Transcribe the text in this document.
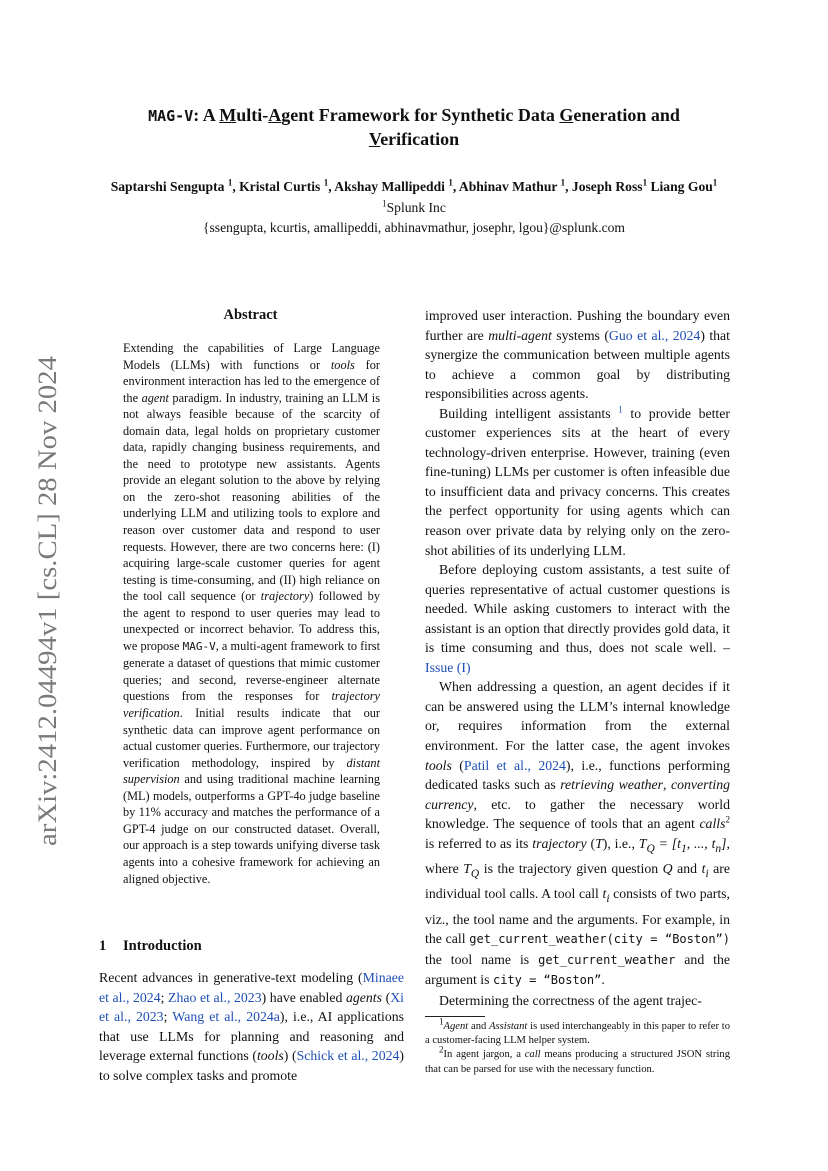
MAG-V: A Multi-Agent Framework for Synthetic Data Generation and
Verification
Saptarshi Sengupta $^1$, Kristal Curtis $^1$, Akshay Mallipeddi $^1$, Abhinav Mathur $^1$, Joseph Ross$^1$ Liang Gou$^1$
$^1$Splunk Inc
{ssengupta, kcurtis, amallipeddi, abhinavmathur, josephr, lgou}@splunk.com
arXiv:2412.04494v1 [cs.CL] 28 Nov 2024
Abstract
Extending the capabilities of Large Language Models (LLMs) with functions or tools for environment interaction has led to the emergence of the agent paradigm. In industry, training an LLM is not always feasible because of the scarcity of domain data, legal holds on proprietary customer data, rapidly changing business requirements, and the need to prototype new assistants. Agents provide an elegant solution to the above by relying on the zero-shot reasoning abilities of the underlying LLM and utilizing tools to explore and reason over customer data and respond to user requests. However, there are two concerns here: (I) acquiring large-scale customer queries for agent testing is time-consuming, and (II) high reliance on the tool call sequence (or trajectory) followed by the agent to respond to user queries may lead to unexpected or incorrect behavior. To address this, we propose MAG-V, a multi-agent framework to first generate a dataset of questions that mimic customer queries; and second, reverse-engineer alternate questions from the responses for trajectory verification. Initial results indicate that our synthetic data can improve agent performance on actual customer queries. Furthermore, our trajectory verification methodology, inspired by distant supervision and using traditional machine learning (ML) models, outperforms a GPT-4o judge baseline by 11% accuracy and matches the performance of a GPT-4 judge on our constructed dataset. Overall, our approach is a step towards unifying diverse task agents into a cohesive framework for achieving an aligned objective.
1 Introduction
Recent advances in generative-text modeling (Minaee et al., 2024; Zhao et al., 2023) have enabled agents (Xi et al., 2023; Wang et al., 2024a), i.e., AI applications that use LLMs for planning and reasoning and leverage external functions (tools) (Schick et al., 2024) to solve complex tasks and promote

improved user interaction. Pushing the boundary even further are multi-agent systems (Guo et al., 2024) that synergize the communication between multiple agents to achieve a common goal by distributing responsibilities across agents.

Building intelligent assistants $^1$ to provide better customer experiences sits at the heart of every technology-driven enterprise. However, training (even fine-tuning) LLMs per customer is often infeasible due to insufficient data and privacy concerns. This creates the perfect opportunity for using agents which can reason over private data by relying only on the zero-shot abilities of its underlying LLM.

Before deploying custom assistants, a test suite of queries representative of actual customer questions is needed. While asking customers to interact with the assistant is an option that directly provides gold data, it is time consuming and thus, does not scale well. – Issue (I)

When addressing a question, an agent decides if it can be answered using the LLM’s internal knowledge or, requires information from the external environment. For the latter case, the agent invokes tools (Patil et al., 2024), i.e., functions performing dedicated tasks such as retrieving weather, converting currency, etc. to gather the necessary world knowledge. The sequence of tools that an agent calls$^2$ is referred to as its trajectory (T), i.e., $T_Q = [t_1$, ..., $t_n$], where $T_Q$ is the trajectory given question Q and $t_i$ are individual tool calls. A tool call $t_i$ consists of two parts, viz., the tool name and the arguments. For example, in the call get_current_weather(city = “Boston”) the tool name is get_current_weather and the argument is city = “Boston”.

Determining the correctness of the agent trajec-

$^1$Agent and Assistant is used interchangeably in this paper to refer to a customer-facing LLM helper system.

$^2$In agent jargon, a call means producing a structured JSON string that can be parsed for use with the necessary function.
